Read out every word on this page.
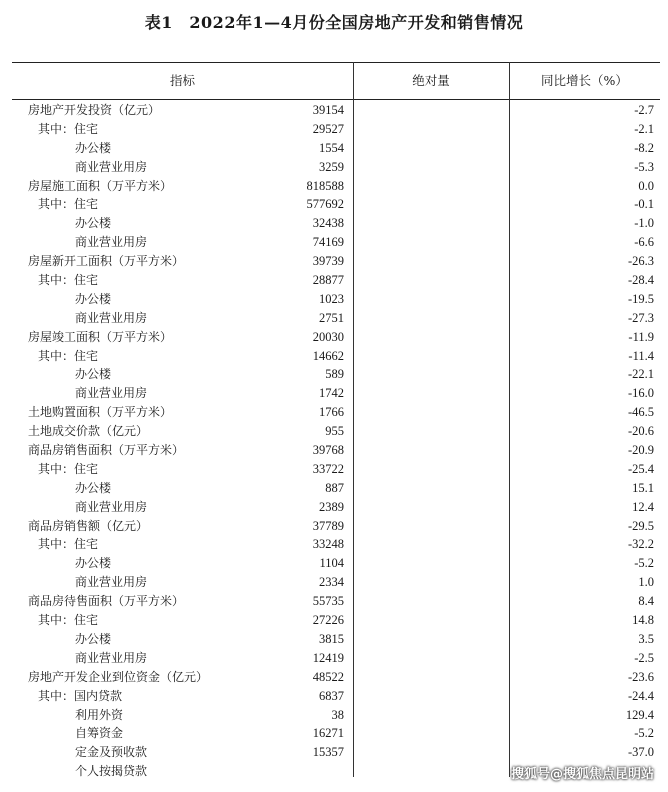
表1　2022年1—4月份全国房地产开发和销售情况
指标	绝对量	同比增长（%）
房地产开发投资（亿元）	39154	-2.7
其中：住宅	29527	-2.1
办公楼	1554	-8.2
商业营业用房	3259	-5.3
房屋施工面积（万平方米）	818588	0.0
其中：住宅	577692	-0.1
办公楼	32438	-1.0
商业营业用房	74169	-6.6
房屋新开工面积（万平方米）	39739	-26.3
其中：住宅	28877	-28.4
办公楼	1023	-19.5
商业营业用房	2751	-27.3
房屋竣工面积（万平方米）	20030	-11.9
其中：住宅	14662	-11.4
办公楼	589	-22.1
商业营业用房	1742	-16.0
土地购置面积（万平方米）	1766	-46.5
土地成交价款（亿元）	955	-20.6
商品房销售面积（万平方米）	39768	-20.9
其中：住宅	33722	-25.4
办公楼	887	15.1
商业营业用房	2389	12.4
商品房销售额（亿元）	37789	-29.5
其中：住宅	33248	-32.2
办公楼	1104	-5.2
商业营业用房	2334	1.0
商品房待售面积（万平方米）	55735	8.4
其中：住宅	27226	14.8
办公楼	3815	3.5
商业营业用房	12419	-2.5
房地产开发企业到位资金（亿元）	48522	-23.6
其中：国内贷款	6837	-24.4
利用外资	38	129.4
自筹资金	16271	-5.2
定金及预收款	15357	-37.0
个人按揭贷款	搜狐号@搜狐焦点昆明站
